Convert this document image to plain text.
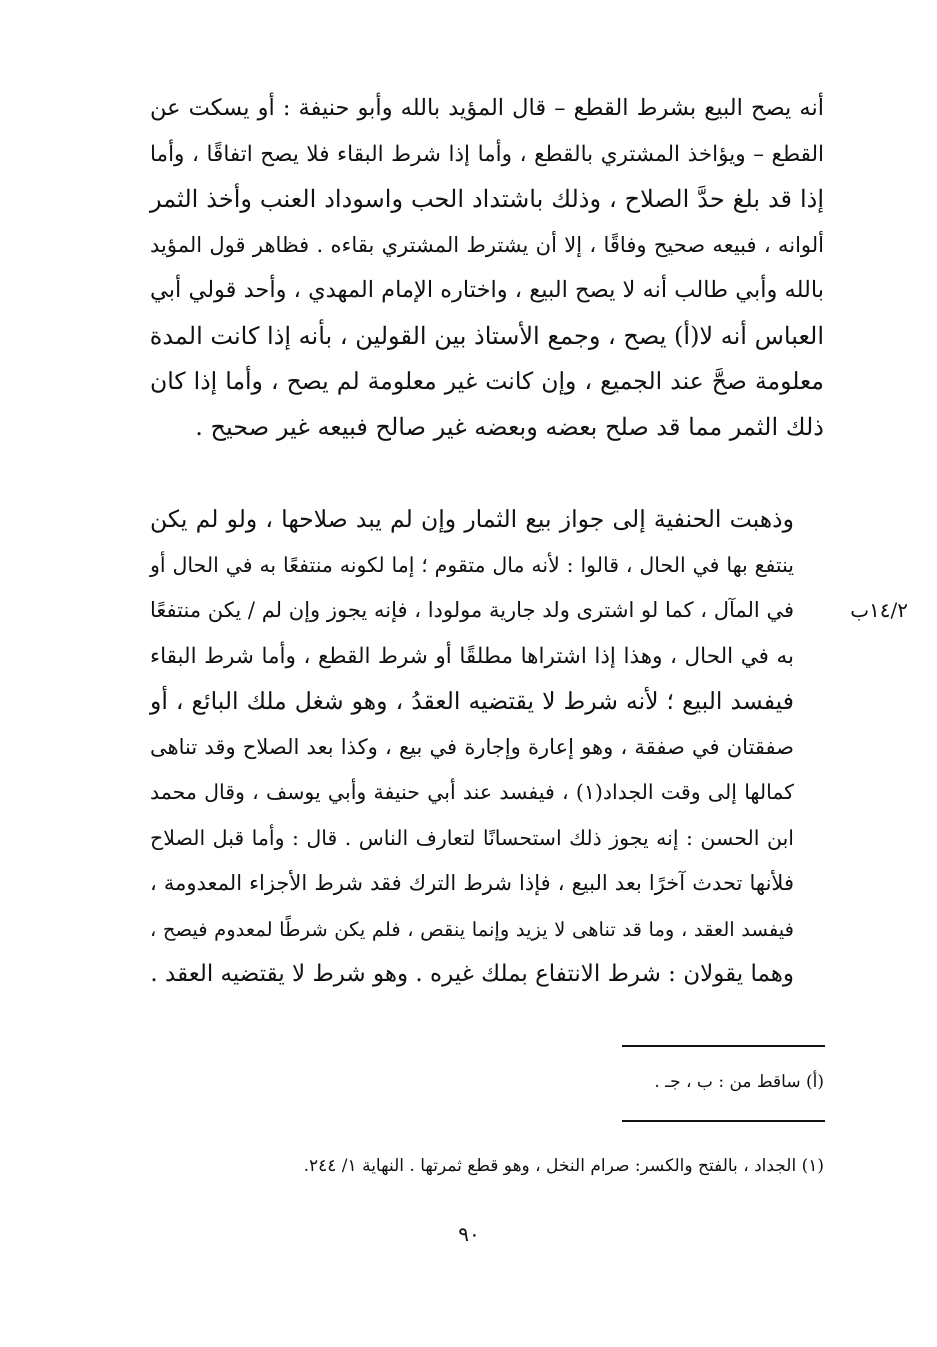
أنه يصح البيع بشرط القطع – قال المؤيد بالله وأبو حنيفة : أو يسكت عن
القطع – ويؤاخذ المشتري بالقطع ، وأما إذا شرط البقاء فلا يصح اتفاقًا ، وأما
إذا قد بلغ حدَّ الصلاح ، وذلك باشتداد الحب واسوداد العنب وأخذ الثمر
ألوانه ، فبيعه صحيح وفاقًا ، إلا أن يشترط المشتري بقاءه . فظاهر قول المؤيد
بالله وأبي طالب أنه لا يصح البيع ، واختاره الإمام المهدي ، وأحد قولي أبي
العباس أنه لا(أ) يصح ، وجمع الأستاذ بين القولين ، بأنه إذا كانت المدة
معلومة صحَّ عند الجميع ، وإن كانت غير معلومة لم يصح ، وأما إذا كان
ذلك الثمر مما قد صلح بعضه وبعضه غير صالح فبيعه غير صحيح .
وذهبت الحنفية إلى جواز بيع الثمار وإن لم يبد صلاحها ، ولو لم يكن
ينتفع بها في الحال ، قالوا : لأنه مال متقوم ؛ إما لكونه منتفعًا به في الحال أو
في المآل ، كما لو اشترى ولد جارية مولودا ، فإنه يجوز وإن لم / يكن منتفعًا
به في الحال ، وهذا إذا اشتراها مطلقًا أو شرط القطع ، وأما شرط البقاء
فيفسد البيع ؛ لأنه شرط لا يقتضيه العقدُ ، وهو شغل ملك البائع ، أو
صفقتان في صفقة ، وهو إعارة وإجارة في بيع ، وكذا بعد الصلاح وقد تناهى
كمالها إلى وقت الجداد(١) ، فيفسد عند أبي حنيفة وأبي يوسف ، وقال محمد
ابن الحسن : إنه يجوز ذلك استحسانًا لتعارف الناس . قال : وأما قبل الصلاح
فلأنها تحدث آخرًا بعد البيع ، فإذا شرط الترك فقد شرط الأجزاء المعدومة ،
فيفسد العقد ، وما قد تناهى لا يزيد وإنما ينقص ، فلم يكن شرطًا لمعدوم فيصح ،
وهما يقولان : شرط الانتفاع بملك غيره . وهو شرط لا يقتضيه العقد .
١٤/٢ب
(أ) ساقط من : ب ، جـ .
(١) الجداد ، بالفتح والكسر: صرام النخل ، وهو قطع ثمرتها . النهاية ١/ ٢٤٤.
٩٠
